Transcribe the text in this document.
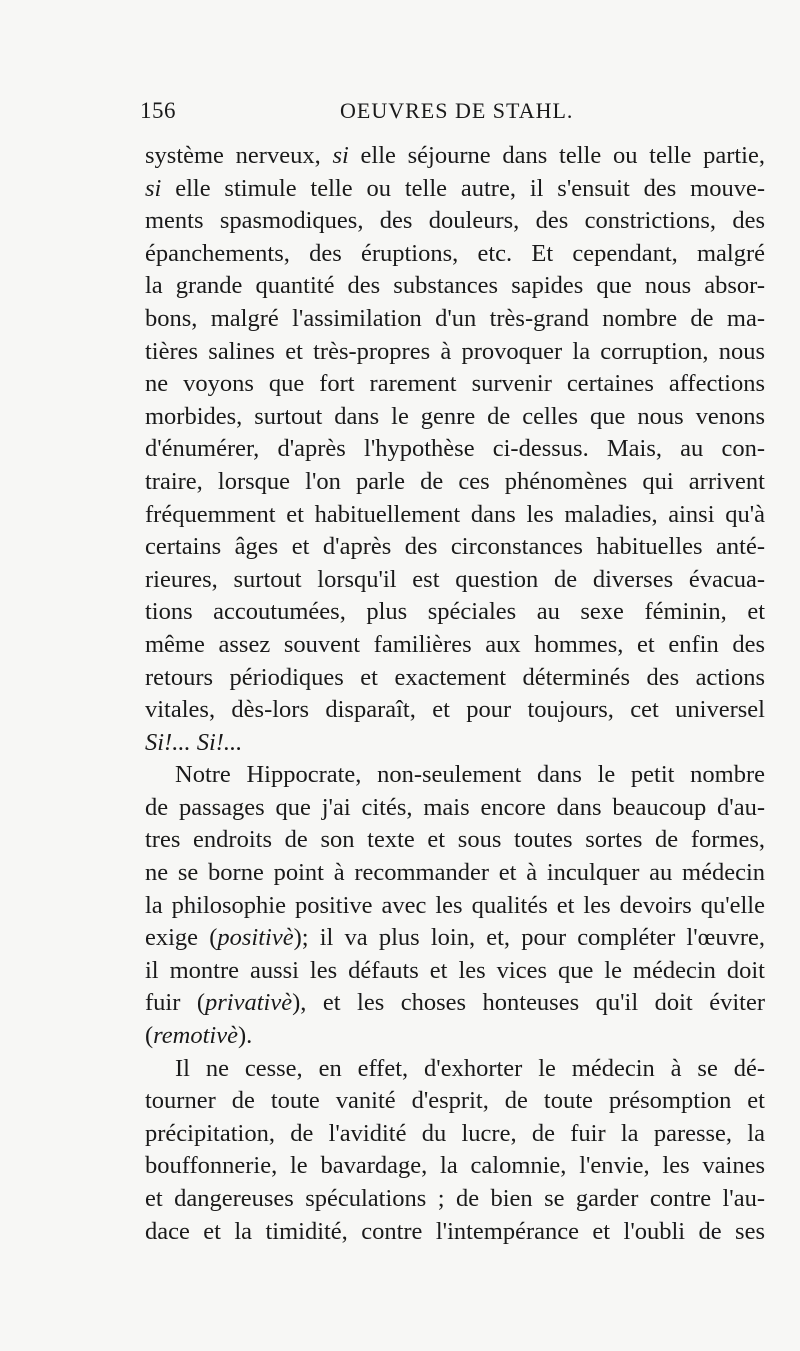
156	OEUVRES DE STAHL.
système nerveux, si elle séjourne dans telle ou telle partie,
si elle stimule telle ou telle autre, il s'ensuit des mouve-
ments spasmodiques, des douleurs, des constrictions, des
épanchements, des éruptions, etc. Et cependant, malgré
la grande quantité des substances sapides que nous absor-
bons, malgré l'assimilation d'un très-grand nombre de ma-
tières salines et très-propres à provoquer la corruption, nous
ne voyons que fort rarement survenir certaines affections
morbides, surtout dans le genre de celles que nous venons
d'énumérer, d'après l'hypothèse ci-dessus. Mais, au con-
traire, lorsque l'on parle de ces phénomènes qui arrivent
fréquemment et habituellement dans les maladies, ainsi qu'à
certains âges et d'après des circonstances habituelles anté-
rieures, surtout lorsqu'il est question de diverses évacua-
tions accoutumées, plus spéciales au sexe féminin, et
même assez souvent familières aux hommes, et enfin des
retours périodiques et exactement déterminés des actions
vitales, dès-lors disparaît, et pour toujours, cet universel
Si!... Si!...
Notre Hippocrate, non-seulement dans le petit nombre
de passages que j'ai cités, mais encore dans beaucoup d'au-
tres endroits de son texte et sous toutes sortes de formes,
ne se borne point à recommander et à inculquer au médecin
la philosophie positive avec les qualités et les devoirs qu'elle
exige (positivè); il va plus loin, et, pour compléter l'œuvre,
il montre aussi les défauts et les vices que le médecin doit
fuir (privativè), et les choses honteuses qu'il doit éviter
(remotivè).
Il ne cesse, en effet, d'exhorter le médecin à se dé-
tourner de toute vanité d'esprit, de toute présomption et
précipitation, de l'avidité du lucre, de fuir la paresse, la
bouffonnerie, le bavardage, la calomnie, l'envie, les vaines
et dangereuses spéculations ; de bien se garder contre l'au-
dace et la timidité, contre l'intempérance et l'oubli de ses
